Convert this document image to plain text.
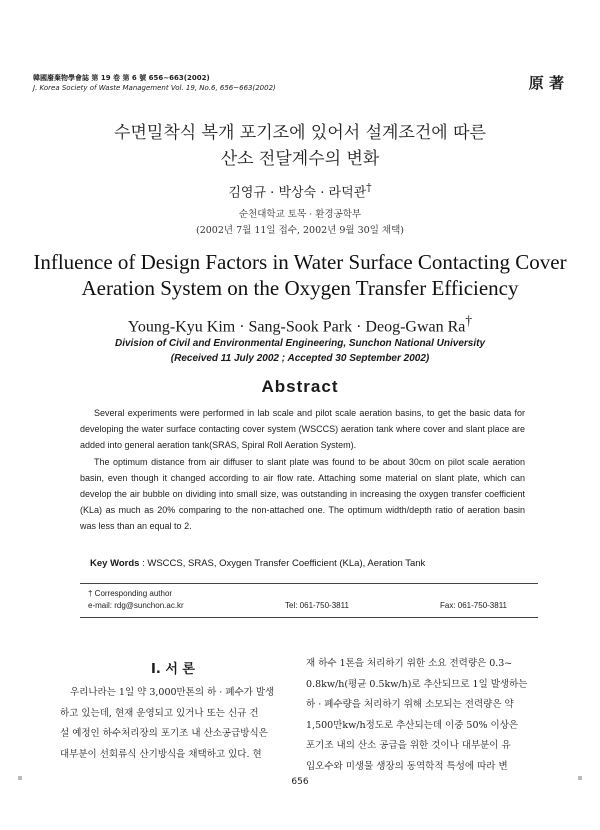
韓國廢棄物學會誌 第 19 卷 第 6 號 656~663(2002)
J. Korea Society of Waste Management Vol. 19, No.6, 656~663(2002)	原 著
수면밀착식 복개 포기조에 있어서 설계조건에 따른
산소 전달계수의 변화
김영규 · 박상숙 · 라덕관†
순천대학교 토목 · 환경공학부
(2002년 7월 11일 접수, 2002년 9월 30일 채택)
Influence of Design Factors in Water Surface Contacting Cover
Aeration System on the Oxygen Transfer Efficiency
Young-Kyu Kim · Sang-Sook Park · Deog-Gwan Ra†
Division of Civil and Environmental Engineering, Sunchon National University
(Received 11 July 2002 ; Accepted 30 September 2002)
Abstract

Several experiments were performed in lab scale and pilot scale aeration basins, to get the basic data for developing the water surface contacting cover system (WSCCS) aeration tank where cover and slant place are added into general aeration tank(SRAS, Spiral Roll Aeration System).

The optimum distance from air diffuser to slant plate was found to be about 30cm on pilot scale aeration basin, even though it changed according to air flow rate. Attaching some material on slant plate, which can develop the air bubble on dividing into small size, was outstanding in increasing the oxygen transfer coefficient (KLa) as much as 20% comparing to the non-attached one. The optimum width/depth ratio of aeration basin was less than an equal to 2.

Key Words : WSCCS, SRAS, Oxygen Transfer Coefficient (KLa), Aeration Tank
† Corresponding author
e-mail: rdg@sunchon.ac.kr	Tel: 061-750-3811	Fax: 061-750-3811
Ⅰ. 서 론
우리나라는 1일 약 3,000만톤의 하 · 폐수가 발생
하고 있는데, 현재 운영되고 있거나 또는 신규 건
설 예정인 하수처리장의 포기조 내 산소공급방식은
대부분이 선회류식 산기방식을 채택하고 있다. 현
재 하수 1톤을 처리하기 위한 소요 전력량은 0.3~
0.8kw/h(평균 0.5kw/h)로 추산되므로 1일 발생하는
하 · 폐수량을 처리하기 위해 소모되는 전력량은 약
1,500만kw/h정도로 추산되는데 이중 50% 이상은
포기조 내의 산소 공급을 위한 것이나 대부분이 유
입오수와 미생물 생장의 동역학적 특성에 따라 변
656
